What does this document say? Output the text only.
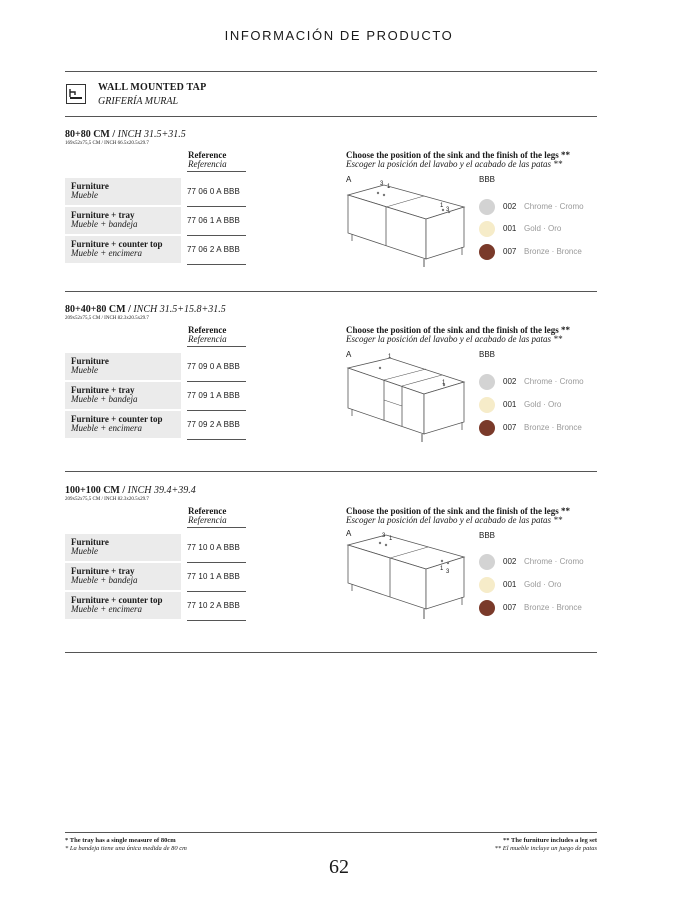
INFORMACIÓN DE PRODUCTO
WALL MOUNTED TAP
GRIFERÍA MURAL
80+80 CM / INCH 31.5+31.5
169x52x75,5 CM / INCH 66.5x20.5x29.7
Reference
Referencia
Furniture
Mueble	77 06 0 A BBB
Furniture + tray
Mueble + bandeja	77 06 1 A BBB
Furniture + counter top
Mueble + encimera	77 06 2 A BBB
Choose the position of the sink and the finish of the legs **
Escoger la posición del lavabo y el acabado de las patas **
A	3 1
1
3
BBB
002 Chrome · Cromo
001 Gold · Oro
007 Bronze · Bronce
80+40+80 CM / INCH 31.5+15.8+31.5
209x52x75,5 CM / INCH 82.3x20.5x29.7
Reference
Referencia
Furniture
Mueble	77 09 0 A BBB
Furniture + tray
Mueble + bandeja	77 09 1 A BBB
Furniture + counter top
Mueble + encimera	77 09 2 A BBB
Choose the position of the sink and the finish of the legs **
Escoger la posición del lavabo y el acabado de las patas **
A	1
1
BBB
002 Chrome · Cromo
001 Gold · Oro
007 Bronze · Bronce
100+100 CM / INCH 39.4+39.4
209x52x75,5 CM / INCH 82.3x20.5x29.7
Reference
Referencia
Furniture
Mueble	77 10 0 A BBB
Furniture + tray
Mueble + bandeja	77 10 1 A BBB
Furniture + counter top
Mueble + encimera	77 10 2 A BBB
Choose the position of the sink and the finish of the legs **
Escoger la posición del lavabo y el acabado de las patas **
A	3 1
1 3
BBB
002 Chrome · Cromo
001 Gold · Oro
007 Bronze · Bronce
* The tray has a single measure of 80cm
* La bandeja tiene una única medida de 80 cm
** The furniture includes a leg set
** El mueble incluye un juego de patas
62
